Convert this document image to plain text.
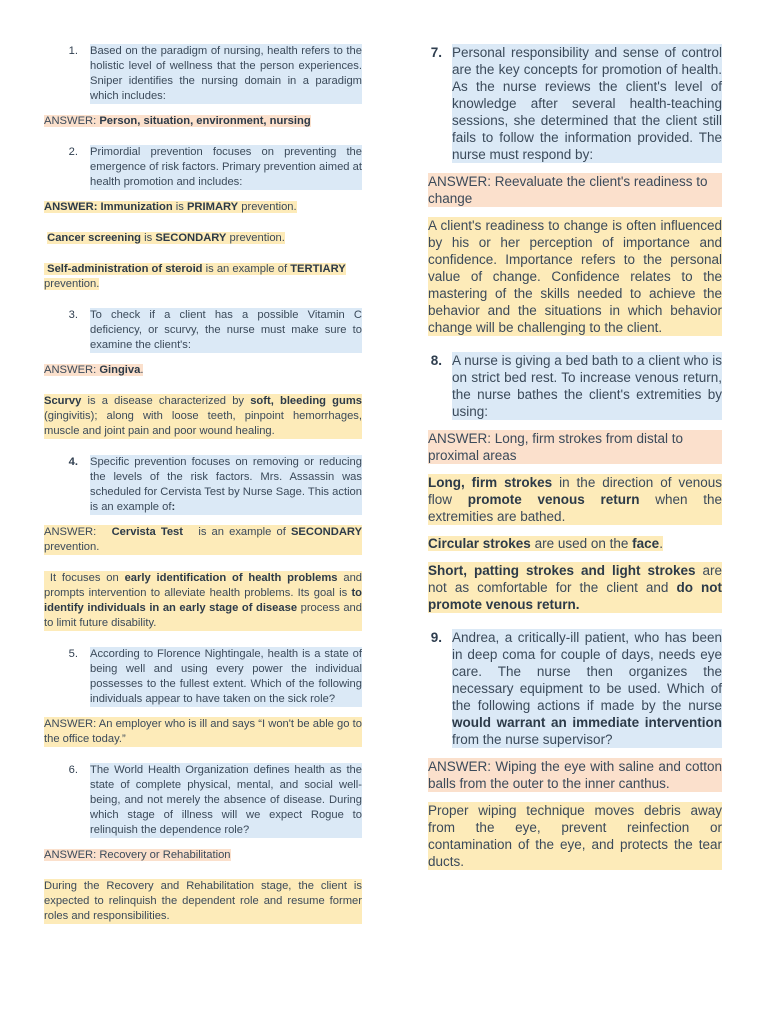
1.	Based on the paradigm of nursing, health refers to the holistic level of wellness that the person experiences. Sniper identifies the nursing domain in a paradigm which includes:
ANSWER: Person, situation, environment, nursing
2.	Primordial prevention focuses on preventing the emergence of risk factors. Primary prevention aimed at health promotion and includes:
ANSWER: Immunization is PRIMARY prevention.
Cancer screening is SECONDARY prevention.
Self-administration of steroid is an example of TERTIARY prevention.
3.	To check if a client has a possible Vitamin C deficiency, or scurvy, the nurse must make sure to examine the client's:
ANSWER: Gingiva.
Scurvy is a disease characterized by soft, bleeding gums (gingivitis); along with loose teeth, pinpoint hemorrhages, muscle and joint pain and poor wound healing.
4.	Specific prevention focuses on removing or reducing the levels of the risk factors. Mrs. Assassin was scheduled for Cervista Test by Nurse Sage. This action is an example of:
ANSWER: Cervista Test is an example of SECONDARY prevention.
It focuses on early identification of health problems and prompts intervention to alleviate health problems. Its goal is to identify individuals in an early stage of disease process and to limit future disability.
5.	According to Florence Nightingale, health is a state of being well and using every power the individual possesses to the fullest extent. Which of the following individuals appear to have taken on the sick role?
ANSWER: An employer who is ill and says “I won't be able go to the office today.”
6.	The World Health Organization defines health as the state of complete physical, mental, and social well-being, and not merely the absence of disease. During which stage of illness will we expect Rogue to relinquish the dependence role?
ANSWER: Recovery or Rehabilitation
During the Recovery and Rehabilitation stage, the client is expected to relinquish the dependent role and resume former roles and responsibilities.
7. Personal responsibility and sense of control are the key concepts for promotion of health. As the nurse reviews the client's level of knowledge after several health-teaching sessions, she determined that the client still fails to follow the information provided. The nurse must respond by:
ANSWER: Reevaluate the client's readiness to change
A client's readiness to change is often influenced by his or her perception of importance and confidence. Importance refers to the personal value of change. Confidence relates to the mastering of the skills needed to achieve the behavior and the situations in which behavior change will be challenging to the client.
8. A nurse is giving a bed bath to a client who is on strict bed rest. To increase venous return, the nurse bathes the client's extremities by using:
ANSWER: Long, firm strokes from distal to proximal areas
Long, firm strokes in the direction of venous flow promote venous return when the extremities are bathed.
Circular strokes are used on the face.
Short, patting strokes and light strokes are not as comfortable for the client and do not promote venous return.
9. Andrea, a critically-ill patient, who has been in deep coma for couple of days, needs eye care. The nurse then organizes the necessary equipment to be used. Which of the following actions if made by the nurse would warrant an immediate intervention from the nurse supervisor?
ANSWER: Wiping the eye with saline and cotton balls from the outer to the inner canthus.
Proper wiping technique moves debris away from the eye, prevent reinfection or contamination of the eye, and protects the tear ducts.
